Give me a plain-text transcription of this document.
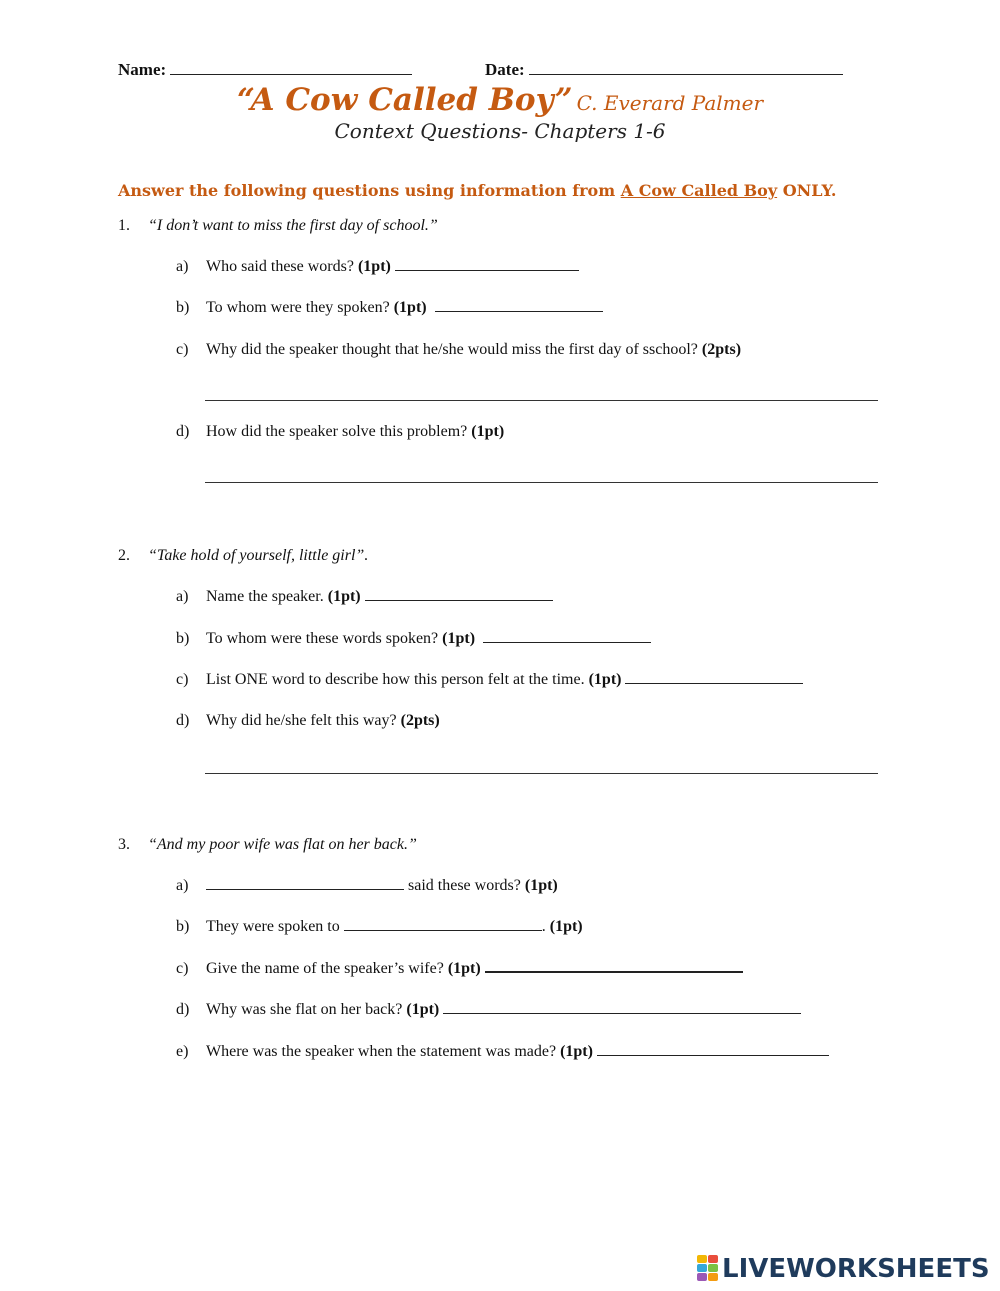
Name:	Date:
“A Cow Called Boy” C. Everard Palmer
Context Questions- Chapters 1-6
Answer the following questions using information from A Cow Called Boy ONLY.
1. “I don’t want to miss the first day of school.”
a) Who said these words? (1pt)
b) To whom were they spoken? (1pt)
c) Why did the speaker thought that he/she would miss the first day of sschool? (2pts)
d) How did the speaker solve this problem? (1pt)
2. “Take hold of yourself, little girl”.
a) Name the speaker. (1pt)
b) To whom were these words spoken? (1pt)
c) List ONE word to describe how this person felt at the time. (1pt)
d) Why did he/she felt this way? (2pts)
3. “And my poor wife was flat on her back.”
a)	said these words? (1pt)
b) They were spoken to	. (1pt)
c) Give the name of the speaker’s wife? (1pt)
d) Why was she flat on her back? (1pt)
e) Where was the speaker when the statement was made? (1pt)
LIVEWORKSHEETS
